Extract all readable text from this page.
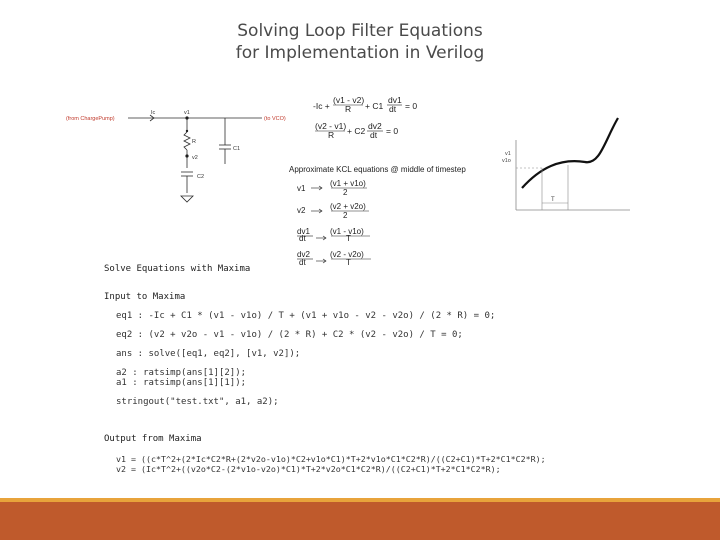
Solving Loop Filter Equations
for Implementation in Verilog
(from ChargePump)	(to VCO)
Ic	v1
R
C1
v2
C2
-Ic +
(v1 - v2)
R + C1
dv1
dt = 0
(v2 - v1)
R + C2 dv2
dt = 0
Approximate KCL equations @ middle of timestep
v1
(v1 + v1o)
2
v2	(v2 + v2o)
2
dv1
dt
(v1 - v1o)
T
dv2
dt
(v2 - v2o)
T
v1
v1o
T
Solve Equations with Maxima
Input to Maxima
eq1 : -Ic + C1 * (v1 - v1o) / T + (v1 + v1o - v2 - v2o) / (2 * R) = 0;
eq2 : (v2 + v2o - v1 - v1o) / (2 * R) + C2 * (v2 - v2o) / T = 0;
ans : solve([eq1, eq2], [v1, v2]);
a2 : ratsimp(ans[1][2]);
a1 : ratsimp(ans[1][1]);
stringout("test.txt", a1, a2);
Output from Maxima
v1 = ((c*T^2+(2*Ic*C2*R+(2*v2o-v1o)*C2+v1o*C1)*T+2*v1o*C1*C2*R)/((C2+C1)*T+2*C1*C2*R);
v2 = (Ic*T^2+((v2o*C2-(2*v1o-v2o)*C1)*T+2*v2o*C1*C2*R)/((C2+C1)*T+2*C1*C2*R);
